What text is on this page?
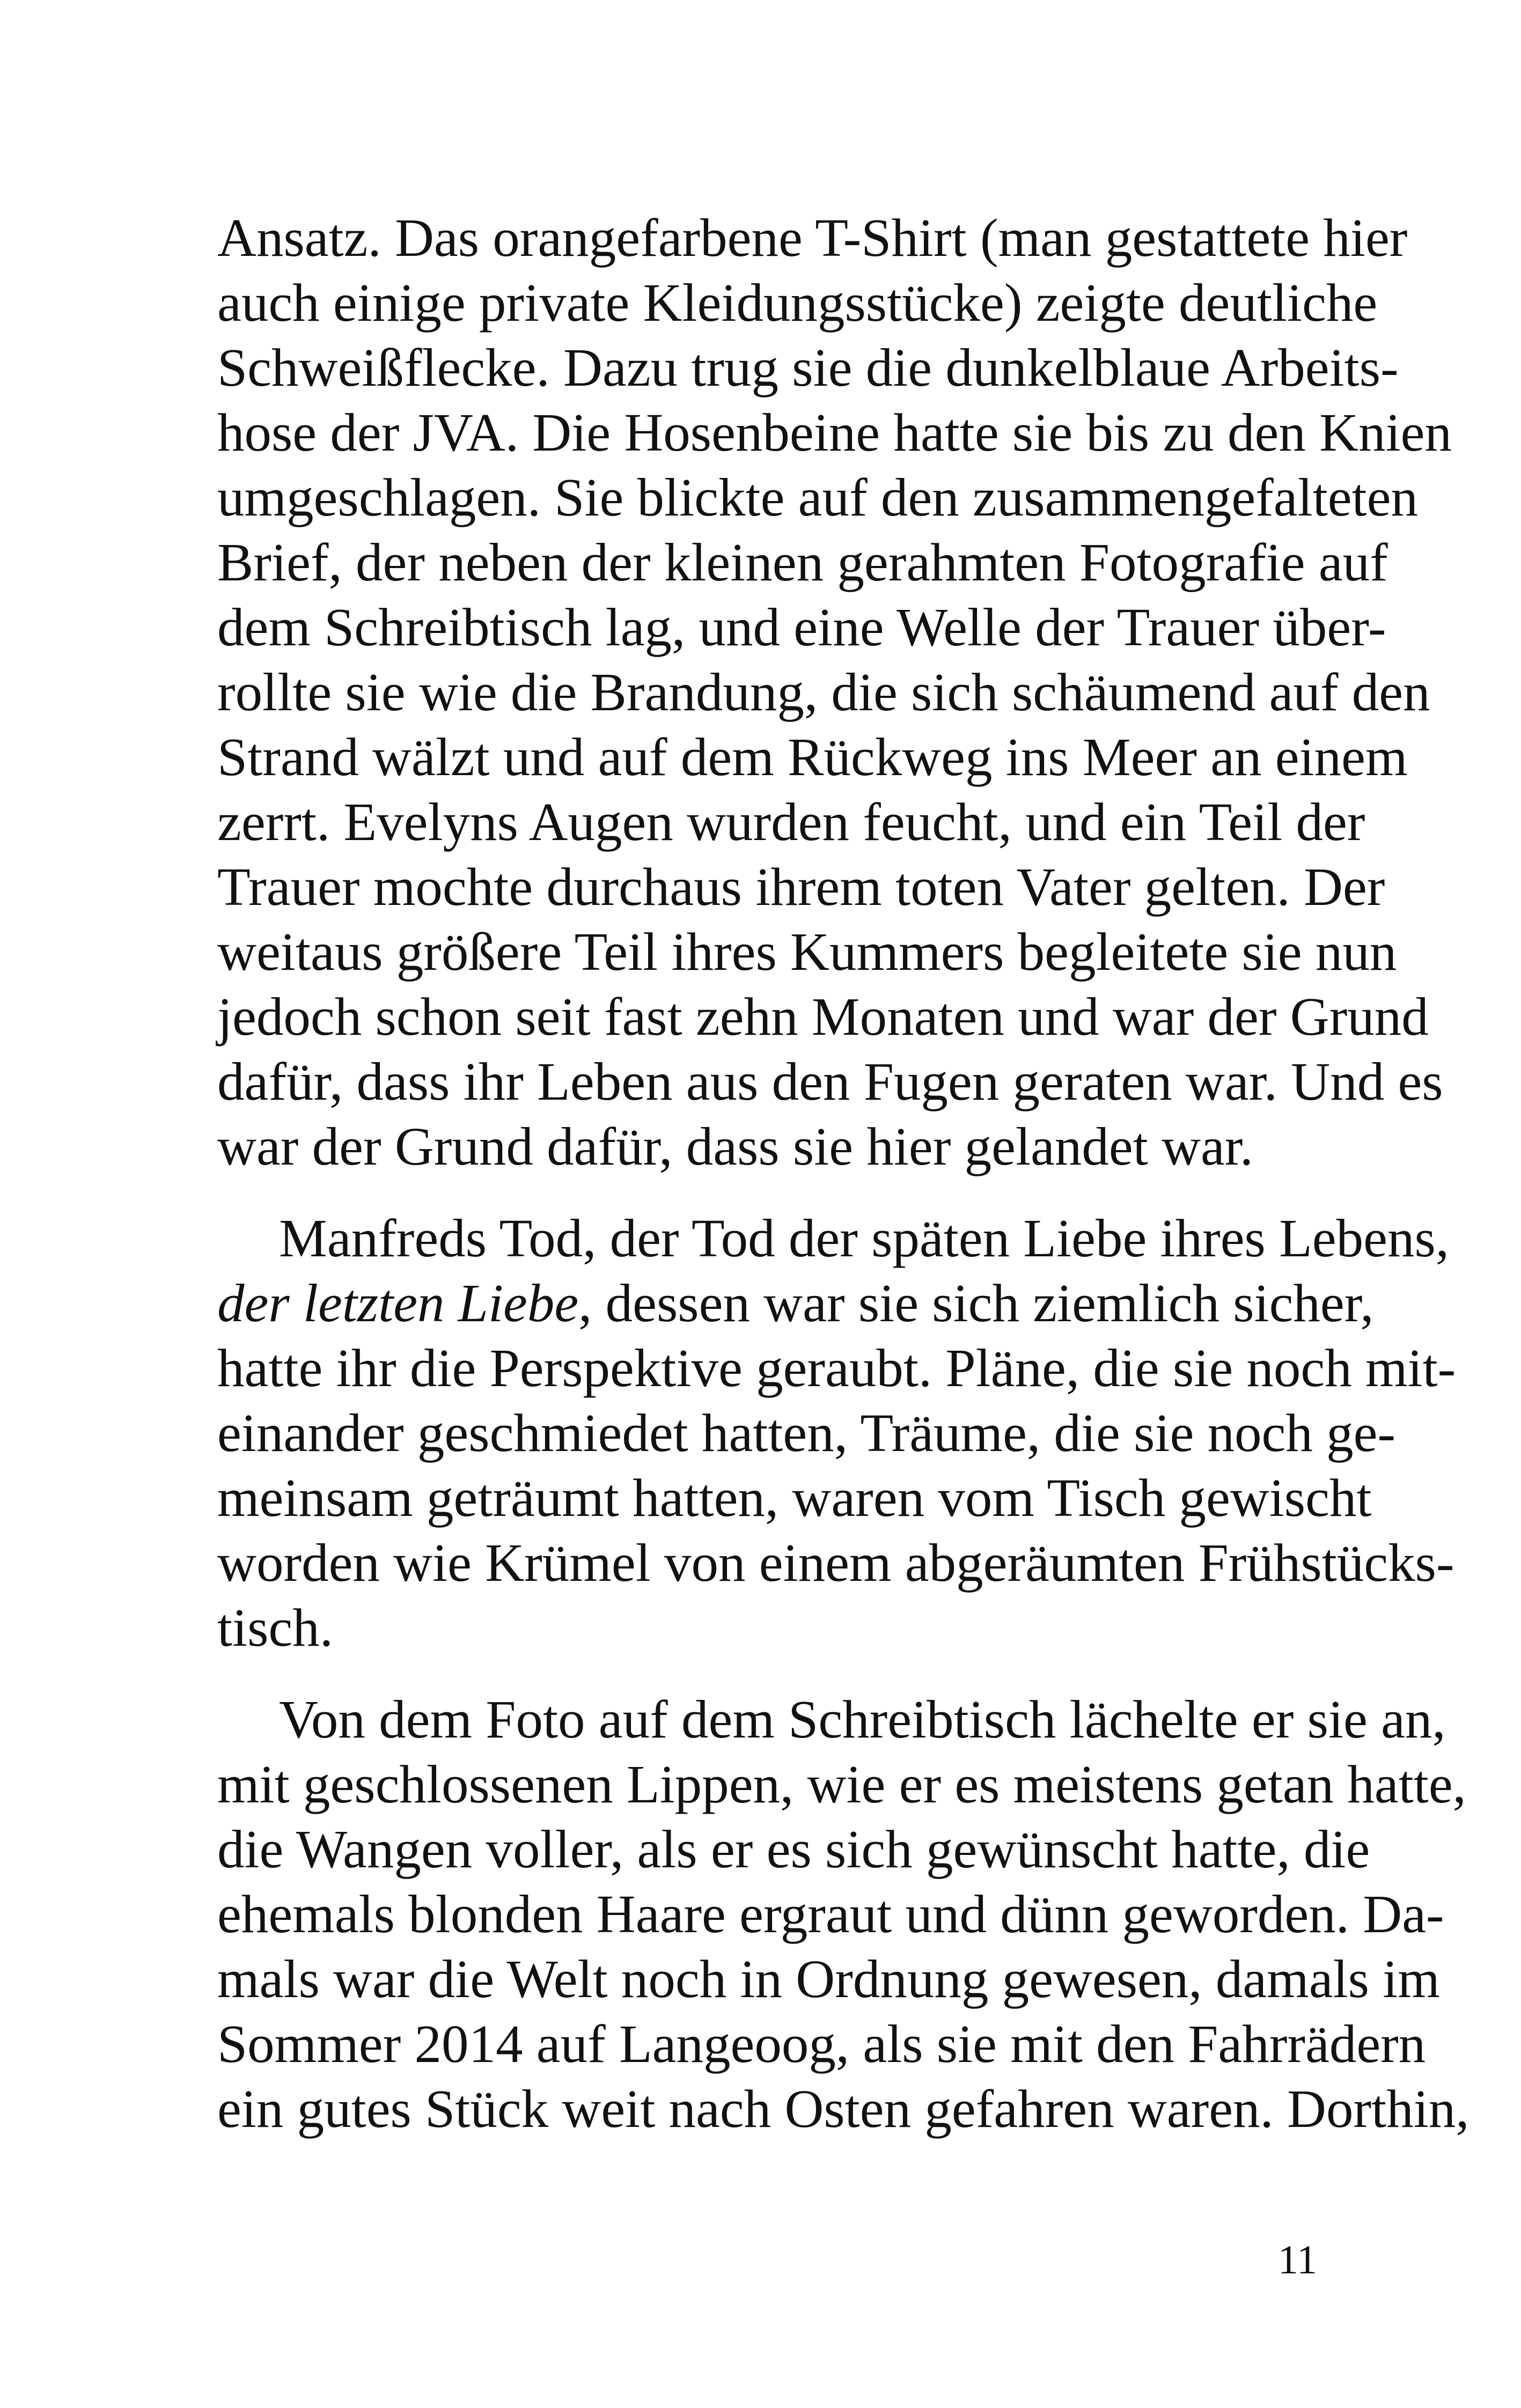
Ansatz. Das orangefarbene T-Shirt (man gestattete hier
auch einige private Kleidungsstücke) zeigte deutliche
Schweißflecke. Dazu trug sie die dunkelblaue Arbeits-
hose der JVA. Die Hosenbeine hatte sie bis zu den Knien
umgeschlagen. Sie blickte auf den zusammengefalteten
Brief, der neben der kleinen gerahmten Fotografie auf
dem Schreibtisch lag, und eine Welle der Trauer über-
rollte sie wie die Brandung, die sich schäumend auf den
Strand wälzt und auf dem Rückweg ins Meer an einem
zerrt. Evelyns Augen wurden feucht, und ein Teil der
Trauer mochte durchaus ihrem toten Vater gelten. Der
weitaus größere Teil ihres Kummers begleitete sie nun
jedoch schon seit fast zehn Monaten und war der Grund
dafür, dass ihr Leben aus den Fugen geraten war. Und es
war der Grund dafür, dass sie hier gelandet war.

Manfreds Tod, der Tod der späten Liebe ihres Lebens,
der letzten Liebe, dessen war sie sich ziemlich sicher,
hatte ihr die Perspektive geraubt. Pläne, die sie noch mit-
einander geschmiedet hatten, Träume, die sie noch ge-
meinsam geträumt hatten, waren vom Tisch gewischt
worden wie Krümel von einem abgeräumten Frühstücks-
tisch.

Von dem Foto auf dem Schreibtisch lächelte er sie an,
mit geschlossenen Lippen, wie er es meistens getan hatte,
die Wangen voller, als er es sich gewünscht hatte, die
ehemals blonden Haare ergraut und dünn geworden. Da-
mals war die Welt noch in Ordnung gewesen, damals im
Sommer 2014 auf Langeoog, als sie mit den Fahrrädern
ein gutes Stück weit nach Osten gefahren waren. Dorthin,

11
